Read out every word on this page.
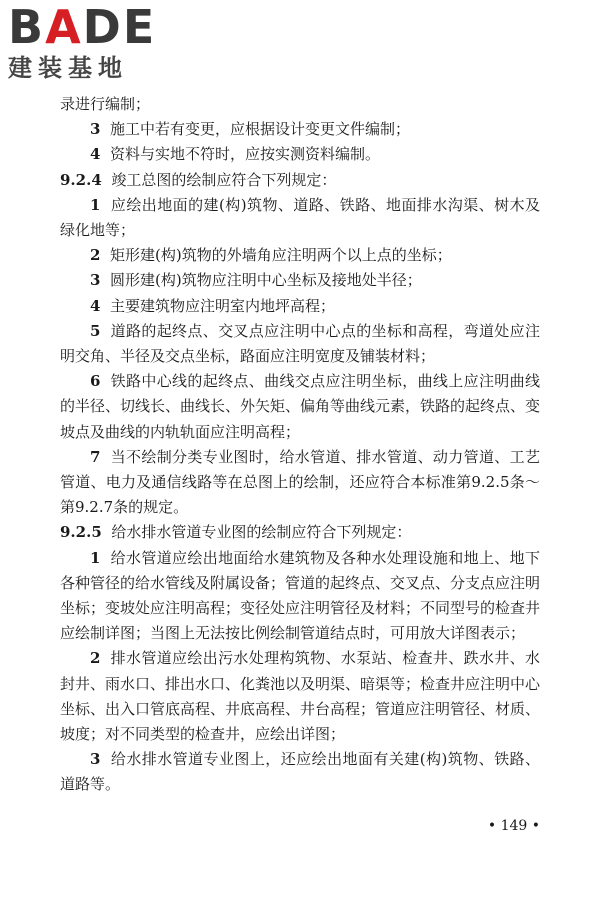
BADE
建装基地

录进行编制；

3 施工中若有变更，应根据设计变更文件编制；

4 资料与实地不符时，应按实测资料编制。

9.2.4 竣工总图的绘制应符合下列规定：

1 应绘出地面的建(构)筑物、道路、铁路、地面排水沟渠、树木及绿化地等；

2 矩形建(构)筑物的外墙角应注明两个以上点的坐标；

3 圆形建(构)筑物应注明中心坐标及接地处半径；

4 主要建筑物应注明室内地坪高程；

5 道路的起终点、交叉点应注明中心点的坐标和高程，弯道处应注明交角、半径及交点坐标，路面应注明宽度及铺装材料；

6 铁路中心线的起终点、曲线交点应注明坐标，曲线上应注明曲线的半径、切线长、曲线长、外矢矩、偏角等曲线元素，铁路的起终点、变坡点及曲线的内轨轨面应注明高程；

7 当不绘制分类专业图时，给水管道、排水管道、动力管道、工艺管道、电力及通信线路等在总图上的绘制，还应符合本标准第9.2.5条～第9.2.7条的规定。

9.2.5 给水排水管道专业图的绘制应符合下列规定：

1 给水管道应绘出地面给水建筑物及各种水处理设施和地上、地下各种管径的给水管线及附属设备；管道的起终点、交叉点、分支点应注明坐标；变坡处应注明高程；变径处应注明管径及材料；不同型号的检查井应绘制详图；当图上无法按比例绘制管道结点时，可用放大详图表示；

2 排水管道应绘出污水处理构筑物、水泵站、检查井、跌水井、水封井、雨水口、排出水口、化粪池以及明渠、暗渠等；检查井应注明中心坐标、出入口管底高程、井底高程、井台高程；管道应注明管径、材质、坡度；对不同类型的检查井，应绘出详图；

3 给水排水管道专业图上，还应绘出地面有关建(构)筑物、铁路、道路等。

• 149 •
